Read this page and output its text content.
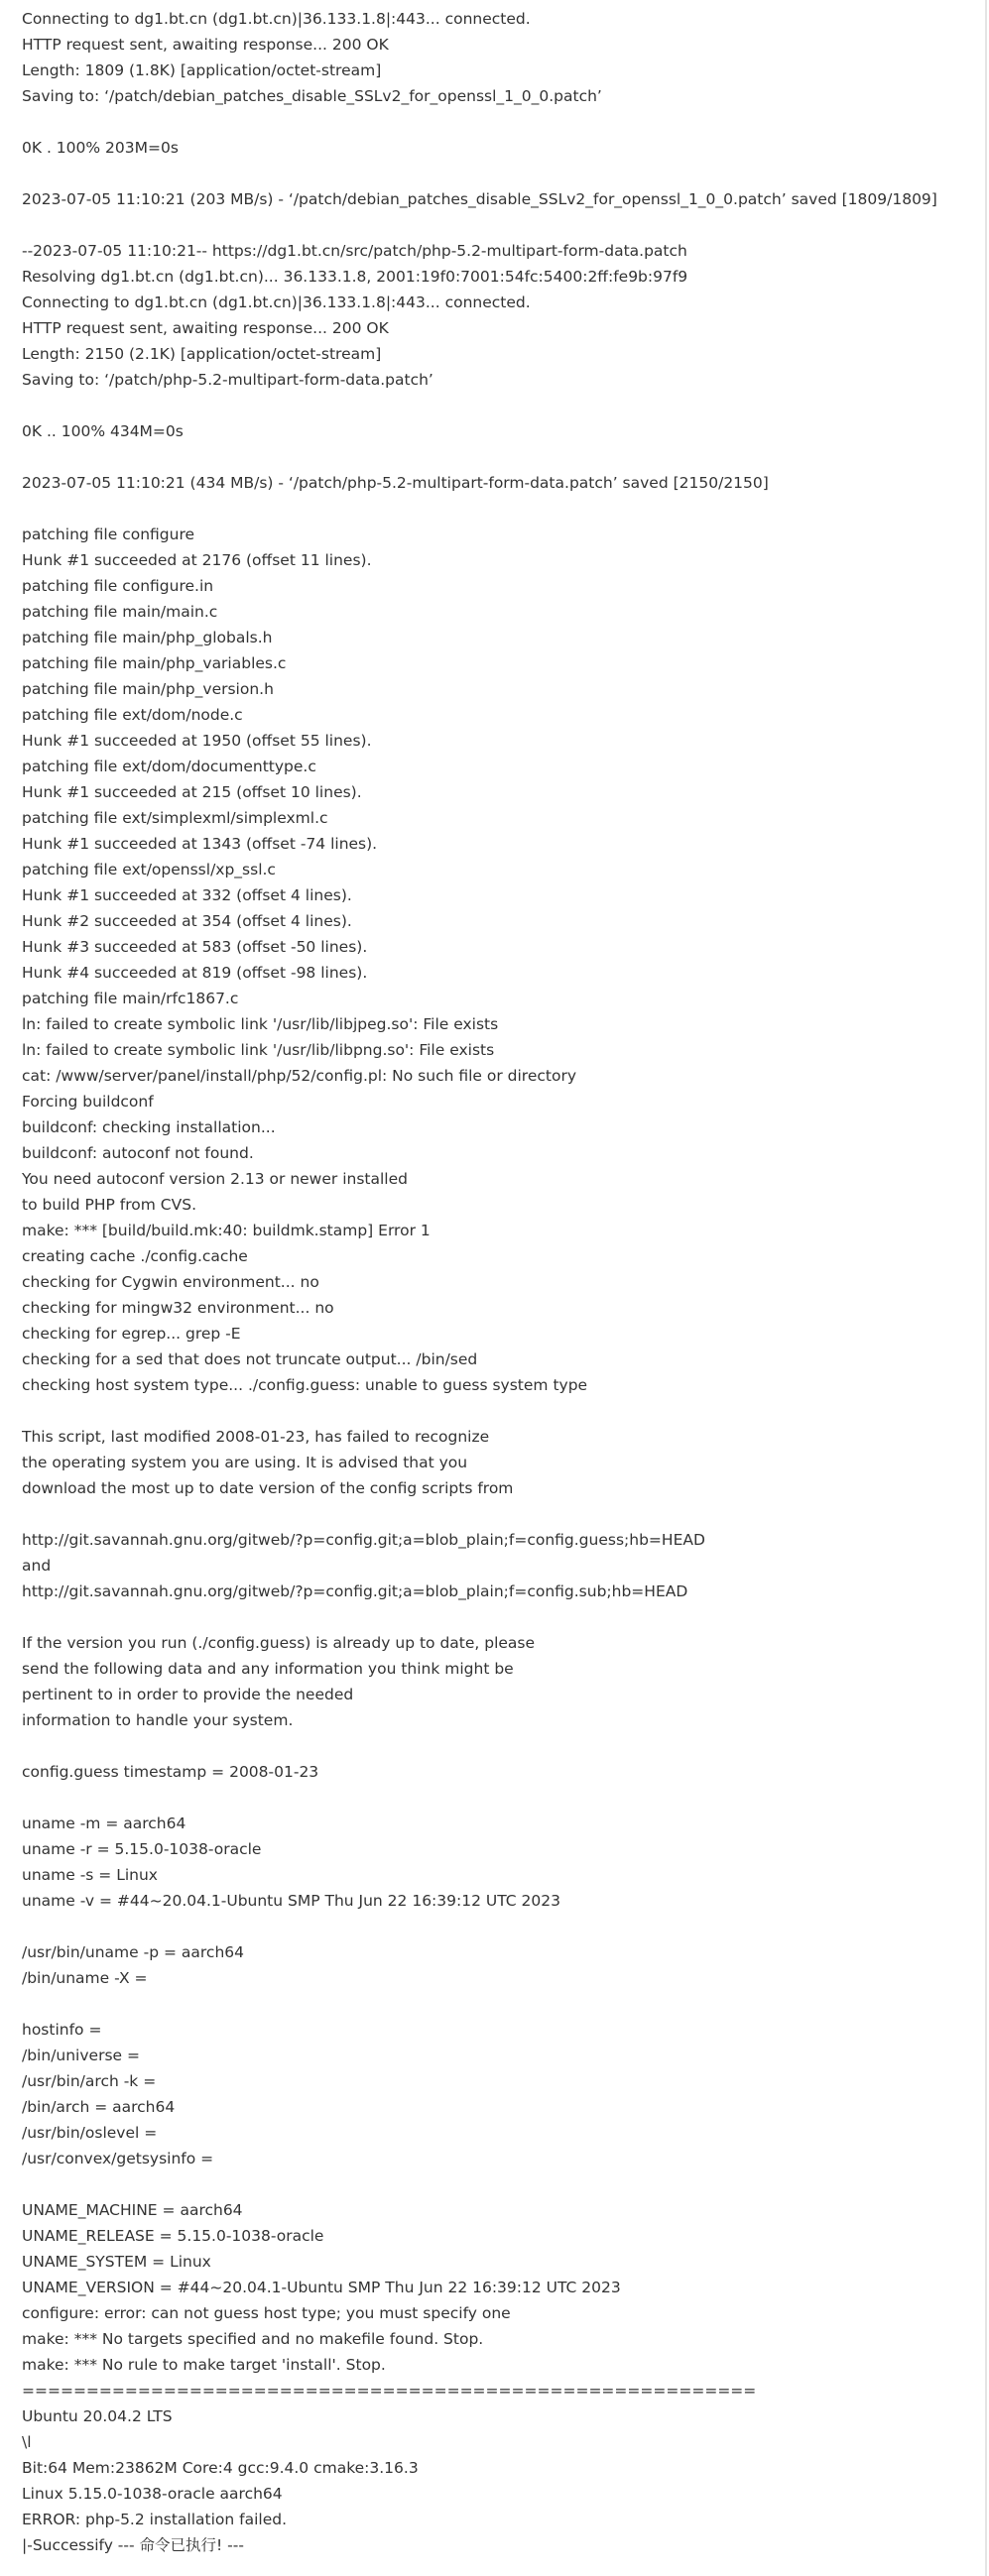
Connecting to dg1.bt.cn (dg1.bt.cn)|36.133.1.8|:443... connected.
HTTP request sent, awaiting response... 200 OK
Length: 1809 (1.8K) [application/octet-stream]
Saving to: ‘/patch/debian_patches_disable_SSLv2_for_openssl_1_0_0.patch’
0K . 100% 203M=0s
2023-07-05 11:10:21 (203 MB/s) - ‘/patch/debian_patches_disable_SSLv2_for_openssl_1_0_0.patch’ saved [1809/1809]
--2023-07-05 11:10:21-- https://dg1.bt.cn/src/patch/php-5.2-multipart-form-data.patch
Resolving dg1.bt.cn (dg1.bt.cn)... 36.133.1.8, 2001:19f0:7001:54fc:5400:2ff:fe9b:97f9
Connecting to dg1.bt.cn (dg1.bt.cn)|36.133.1.8|:443... connected.
HTTP request sent, awaiting response... 200 OK
Length: 2150 (2.1K) [application/octet-stream]
Saving to: ‘/patch/php-5.2-multipart-form-data.patch’
0K .. 100% 434M=0s
2023-07-05 11:10:21 (434 MB/s) - ‘/patch/php-5.2-multipart-form-data.patch’ saved [2150/2150]
patching file configure
Hunk #1 succeeded at 2176 (offset 11 lines).
patching file configure.in
patching file main/main.c
patching file main/php_globals.h
patching file main/php_variables.c
patching file main/php_version.h
patching file ext/dom/node.c
Hunk #1 succeeded at 1950 (offset 55 lines).
patching file ext/dom/documenttype.c
Hunk #1 succeeded at 215 (offset 10 lines).
patching file ext/simplexml/simplexml.c
Hunk #1 succeeded at 1343 (offset -74 lines).
patching file ext/openssl/xp_ssl.c
Hunk #1 succeeded at 332 (offset 4 lines).
Hunk #2 succeeded at 354 (offset 4 lines).
Hunk #3 succeeded at 583 (offset -50 lines).
Hunk #4 succeeded at 819 (offset -98 lines).
patching file main/rfc1867.c
ln: failed to create symbolic link '/usr/lib/libjpeg.so': File exists
ln: failed to create symbolic link '/usr/lib/libpng.so': File exists
cat: /www/server/panel/install/php/52/config.pl: No such file or directory
Forcing buildconf
buildconf: checking installation...
buildconf: autoconf not found.
You need autoconf version 2.13 or newer installed
to build PHP from CVS.
make: *** [build/build.mk:40: buildmk.stamp] Error 1
creating cache ./config.cache
checking for Cygwin environment... no
checking for mingw32 environment... no
checking for egrep... grep -E
checking for a sed that does not truncate output... /bin/sed
checking host system type... ./config.guess: unable to guess system type
This script, last modified 2008-01-23, has failed to recognize
the operating system you are using. It is advised that you
download the most up to date version of the config scripts from
http://git.savannah.gnu.org/gitweb/?p=config.git;a=blob_plain;f=config.guess;hb=HEAD
and
http://git.savannah.gnu.org/gitweb/?p=config.git;a=blob_plain;f=config.sub;hb=HEAD
If the version you run (./config.guess) is already up to date, please
send the following data and any information you think might be
pertinent to in order to provide the needed
information to handle your system.
config.guess timestamp = 2008-01-23
uname -m = aarch64
uname -r = 5.15.0-1038-oracle
uname -s = Linux
uname -v = #44~20.04.1-Ubuntu SMP Thu Jun 22 16:39:12 UTC 2023
/usr/bin/uname -p = aarch64
/bin/uname -X =
hostinfo =
/bin/universe =
/usr/bin/arch -k =
/bin/arch = aarch64
/usr/bin/oslevel =
/usr/convex/getsysinfo =
UNAME_MACHINE = aarch64
UNAME_RELEASE = 5.15.0-1038-oracle
UNAME_SYSTEM = Linux
UNAME_VERSION = #44~20.04.1-Ubuntu SMP Thu Jun 22 16:39:12 UTC 2023
configure: error: can not guess host type; you must specify one
make: *** No targets specified and no makefile found. Stop.
make: *** No rule to make target 'install'. Stop.
=========================================================
Ubuntu 20.04.2 LTS
\l
Bit:64 Mem:23862M Core:4 gcc:9.4.0 cmake:3.16.3
Linux 5.15.0-1038-oracle aarch64
ERROR: php-5.2 installation failed.
|-Successify --- 命令已执行! ---
